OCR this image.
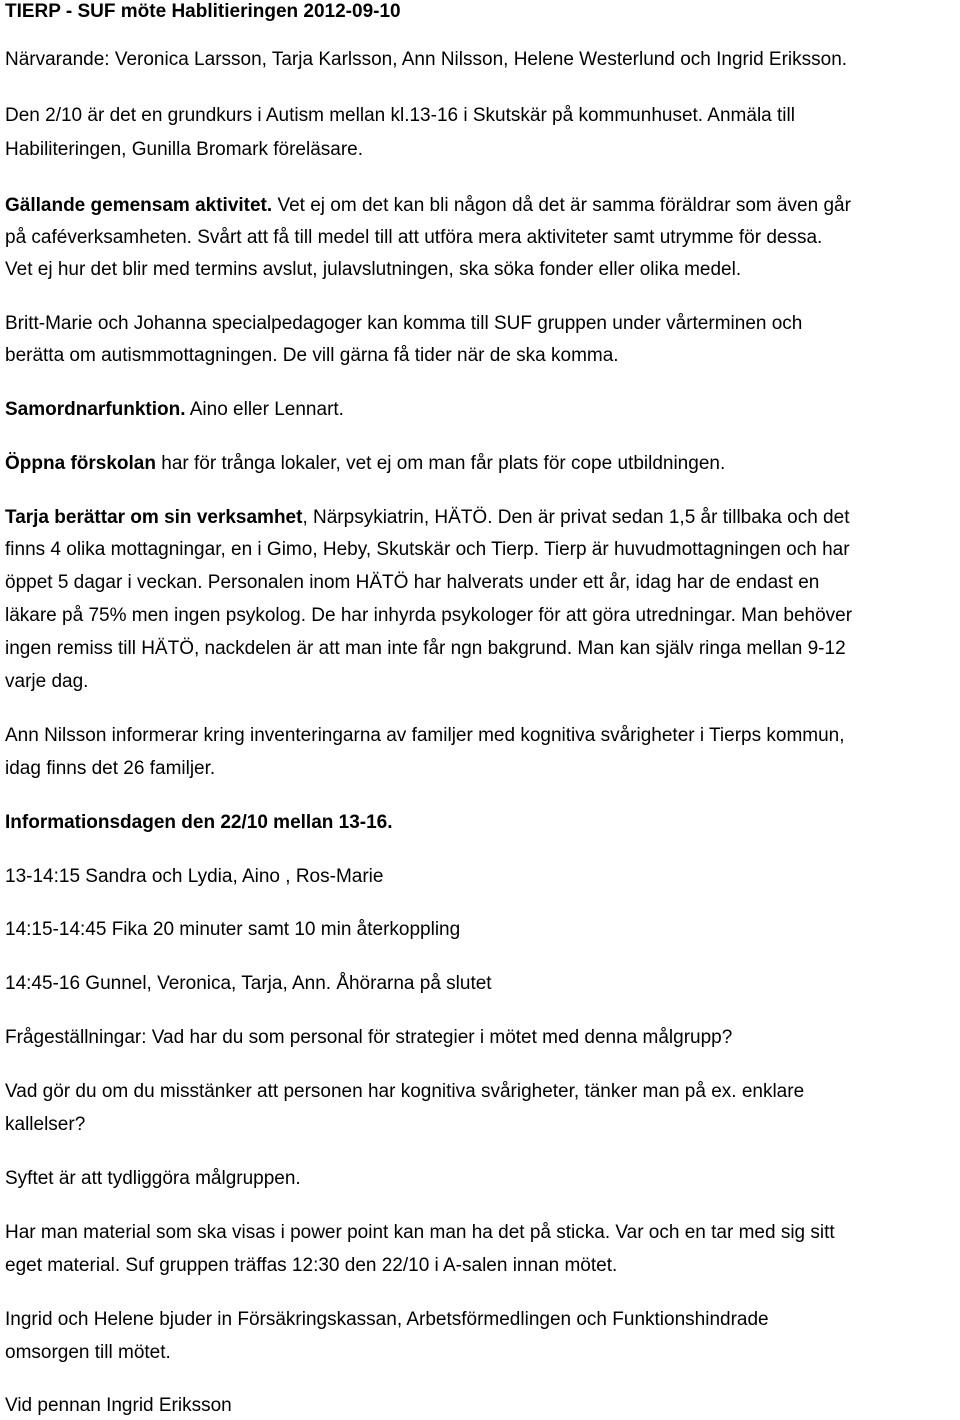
TIERP - SUF möte Hablitieringen 2012-09-10
Närvarande: Veronica Larsson, Tarja Karlsson, Ann Nilsson, Helene Westerlund och Ingrid Eriksson.
Den 2/10 är det en grundkurs i Autism mellan kl.13-16 i Skutskär på kommunhuset. Anmäla till
Habiliteringen, Gunilla Bromark föreläsare.
Gällande gemensam aktivitet. Vet ej om det kan bli någon då det är samma föräldrar som även går
på caféverksamheten. Svårt att få till medel till att utföra mera aktiviteter samt utrymme för dessa.
Vet ej hur det blir med termins avslut, julavslutningen, ska söka fonder eller olika medel.
Britt-Marie och Johanna specialpedagoger kan komma till SUF gruppen under vårterminen och
berätta om autismmottagningen. De vill gärna få tider när de ska komma.
Samordnarfunktion. Aino eller Lennart.
Öppna förskolan har för trånga lokaler, vet ej om man får plats för cope utbildningen.
Tarja berättar om sin verksamhet, Närpsykiatrin, HÄTÖ. Den är privat sedan 1,5 år tillbaka och det
finns 4 olika mottagningar, en i Gimo, Heby, Skutskär och Tierp. Tierp är huvudmottagningen och har
öppet 5 dagar i veckan. Personalen inom HÄTÖ har halverats under ett år, idag har de endast en
läkare på 75% men ingen psykolog. De har inhyrda psykologer för att göra utredningar. Man behöver
ingen remiss till HÄTÖ, nackdelen är att man inte får ngn bakgrund. Man kan själv ringa mellan 9-12
varje dag.
Ann Nilsson informerar kring inventeringarna av familjer med kognitiva svårigheter i Tierps kommun,
idag finns det 26 familjer.
Informationsdagen den 22/10 mellan 13-16.
13-14:15 Sandra och Lydia, Aino , Ros-Marie
14:15-14:45 Fika 20 minuter samt 10 min återkoppling
14:45-16 Gunnel, Veronica, Tarja, Ann. Åhörarna på slutet
Frågeställningar: Vad har du som personal för strategier i mötet med denna målgrupp?
Vad gör du om du misstänker att personen har kognitiva svårigheter, tänker man på ex. enklare
kallelser?
Syftet är att tydliggöra målgruppen.
Har man material som ska visas i power point kan man ha det på sticka. Var och en tar med sig sitt
eget material. Suf gruppen träffas 12:30 den 22/10 i A-salen innan mötet.
Ingrid och Helene bjuder in Försäkringskassan, Arbetsförmedlingen och Funktionshindrade
omsorgen till mötet.
Vid pennan Ingrid Eriksson
